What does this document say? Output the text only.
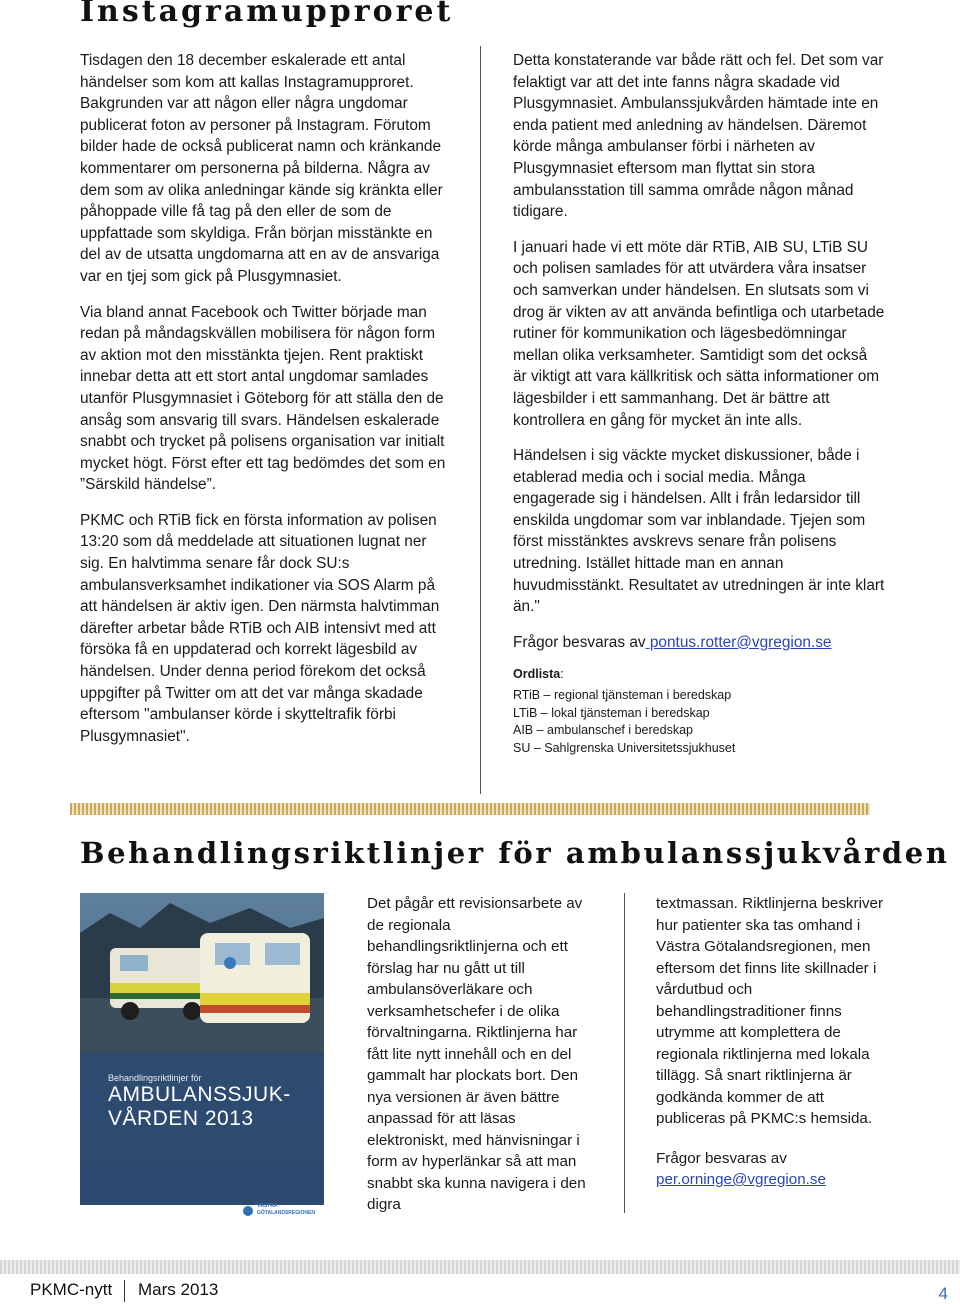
Instagramupproret

Tisdagen den 18 december eskalerade ett antal händelser som kom att kallas Instagramupproret. Bakgrunden var att någon eller några ungdomar publicerat foton av personer på Instagram. Förutom bilder hade de också publicerat namn och kränkande kommentarer om personerna på bilderna. Några av dem som av olika anledningar kände sig kränkta eller påhoppade ville få tag på den eller de som de uppfattade som skyldiga. Från början misstänkte en del av de utsatta ungdomarna att en av de ansvariga var en tjej som gick på Plusgymnasiet.

Via bland annat Facebook och Twitter började man redan på måndagskvällen mobilisera för någon form av aktion mot den misstänkta tjejen. Rent praktiskt innebar detta att ett stort antal ungdomar samlades utanför Plusgymnasiet i Göteborg för att ställa den de ansåg som ansvarig till svars. Händelsen eskalerade snabbt och trycket på polisens organisation var initialt mycket högt. Först efter ett tag bedömdes det som en ”Särskild händelse”.

PKMC och RTiB fick en första information av polisen 13:20 som då meddelade att situationen lugnat ner sig. En halvtimma senare får dock SU:s ambulansverksamhet indikationer via SOS Alarm på att händelsen är aktiv igen. Den närmsta halvtimman därefter arbetar både RTiB och AIB intensivt med att försöka få en uppdaterad och korrekt lägesbild av händelsen. Under denna period förekom det också uppgifter på Twitter om att det var många skadade eftersom "ambulanser körde i skytteltrafik förbi Plusgymnasiet".

Detta konstaterande var både rätt och fel. Det som var felaktigt var att det inte fanns några skadade vid Plusgymnasiet. Ambulanssjukvården hämtade inte en enda patient med anledning av händelsen. Däremot körde många ambulanser förbi i närheten av Plusgymnasiet eftersom man flyttat sin stora ambulansstation till samma område någon månad tidigare.

I januari hade vi ett möte där RTiB, AIB SU, LTiB SU och polisen samlades för att utvärdera våra insatser och samverkan under händelsen. En slutsats som vi drog är vikten av att använda befintliga och utarbetade rutiner för kommunikation och lägesbedömningar mellan olika verksamheter. Samtidigt som det också är viktigt att vara källkritisk och sätta informationer om lägesbilder i ett sammanhang. Det är bättre att kontrollera en gång för mycket än inte alls.

Händelsen i sig väckte mycket diskussioner, både i etablerad media och i social media. Många engagerade sig i händelsen. Allt i från ledarsidor till enskilda ungdomar som var inblandade. Tjejen som först misstänktes avskrevs senare från polisens utredning. Istället hittade man en annan huvudmisstänkt. Resultatet av utredningen är inte klart än."

Frågor besvaras av pontus.rotter@vgregion.se

Ordlista:
RTiB – regional tjänsteman i beredskap
LTiB – lokal tjänsteman i beredskap
AIB – ambulanschef i beredskap
SU – Sahlgrenska Universitetssjukhuset
Behandlingsriktlinjer för ambulanssjukvården
Behandlingsriktlinjer för
AMBULANSSJUK-
VÅRDEN 2013
VÄSTRA
GÖTALANDSREGIONEN

Det pågår ett revisionsarbete av de regionala behandlingsriktlinjerna och ett förslag har nu gått ut till ambulansöverläkare och verksamhetschefer i de olika förvaltningarna. Riktlinjerna har fått lite nytt innehåll och en del gammalt har plockats bort. Den nya versionen är även bättre anpassad för att läsas elektroniskt, med hänvisningar i form av hyperlänkar så att man snabbt ska kunna navigera i den digra

textmassan. Riktlinjerna beskriver hur patienter ska tas omhand i Västra Götalandsregionen, men eftersom det finns lite skillnader i vårdutbud och behandlingstraditioner finns utrymme att komplettera de regionala riktlinjerna med lokala tillägg. Så snart riktlinjerna är godkända kommer de att publiceras på PKMC:s hemsida.

Frågor besvaras av
per.orninge@vgregion.se

PKMC-nytt Mars 2013	4
